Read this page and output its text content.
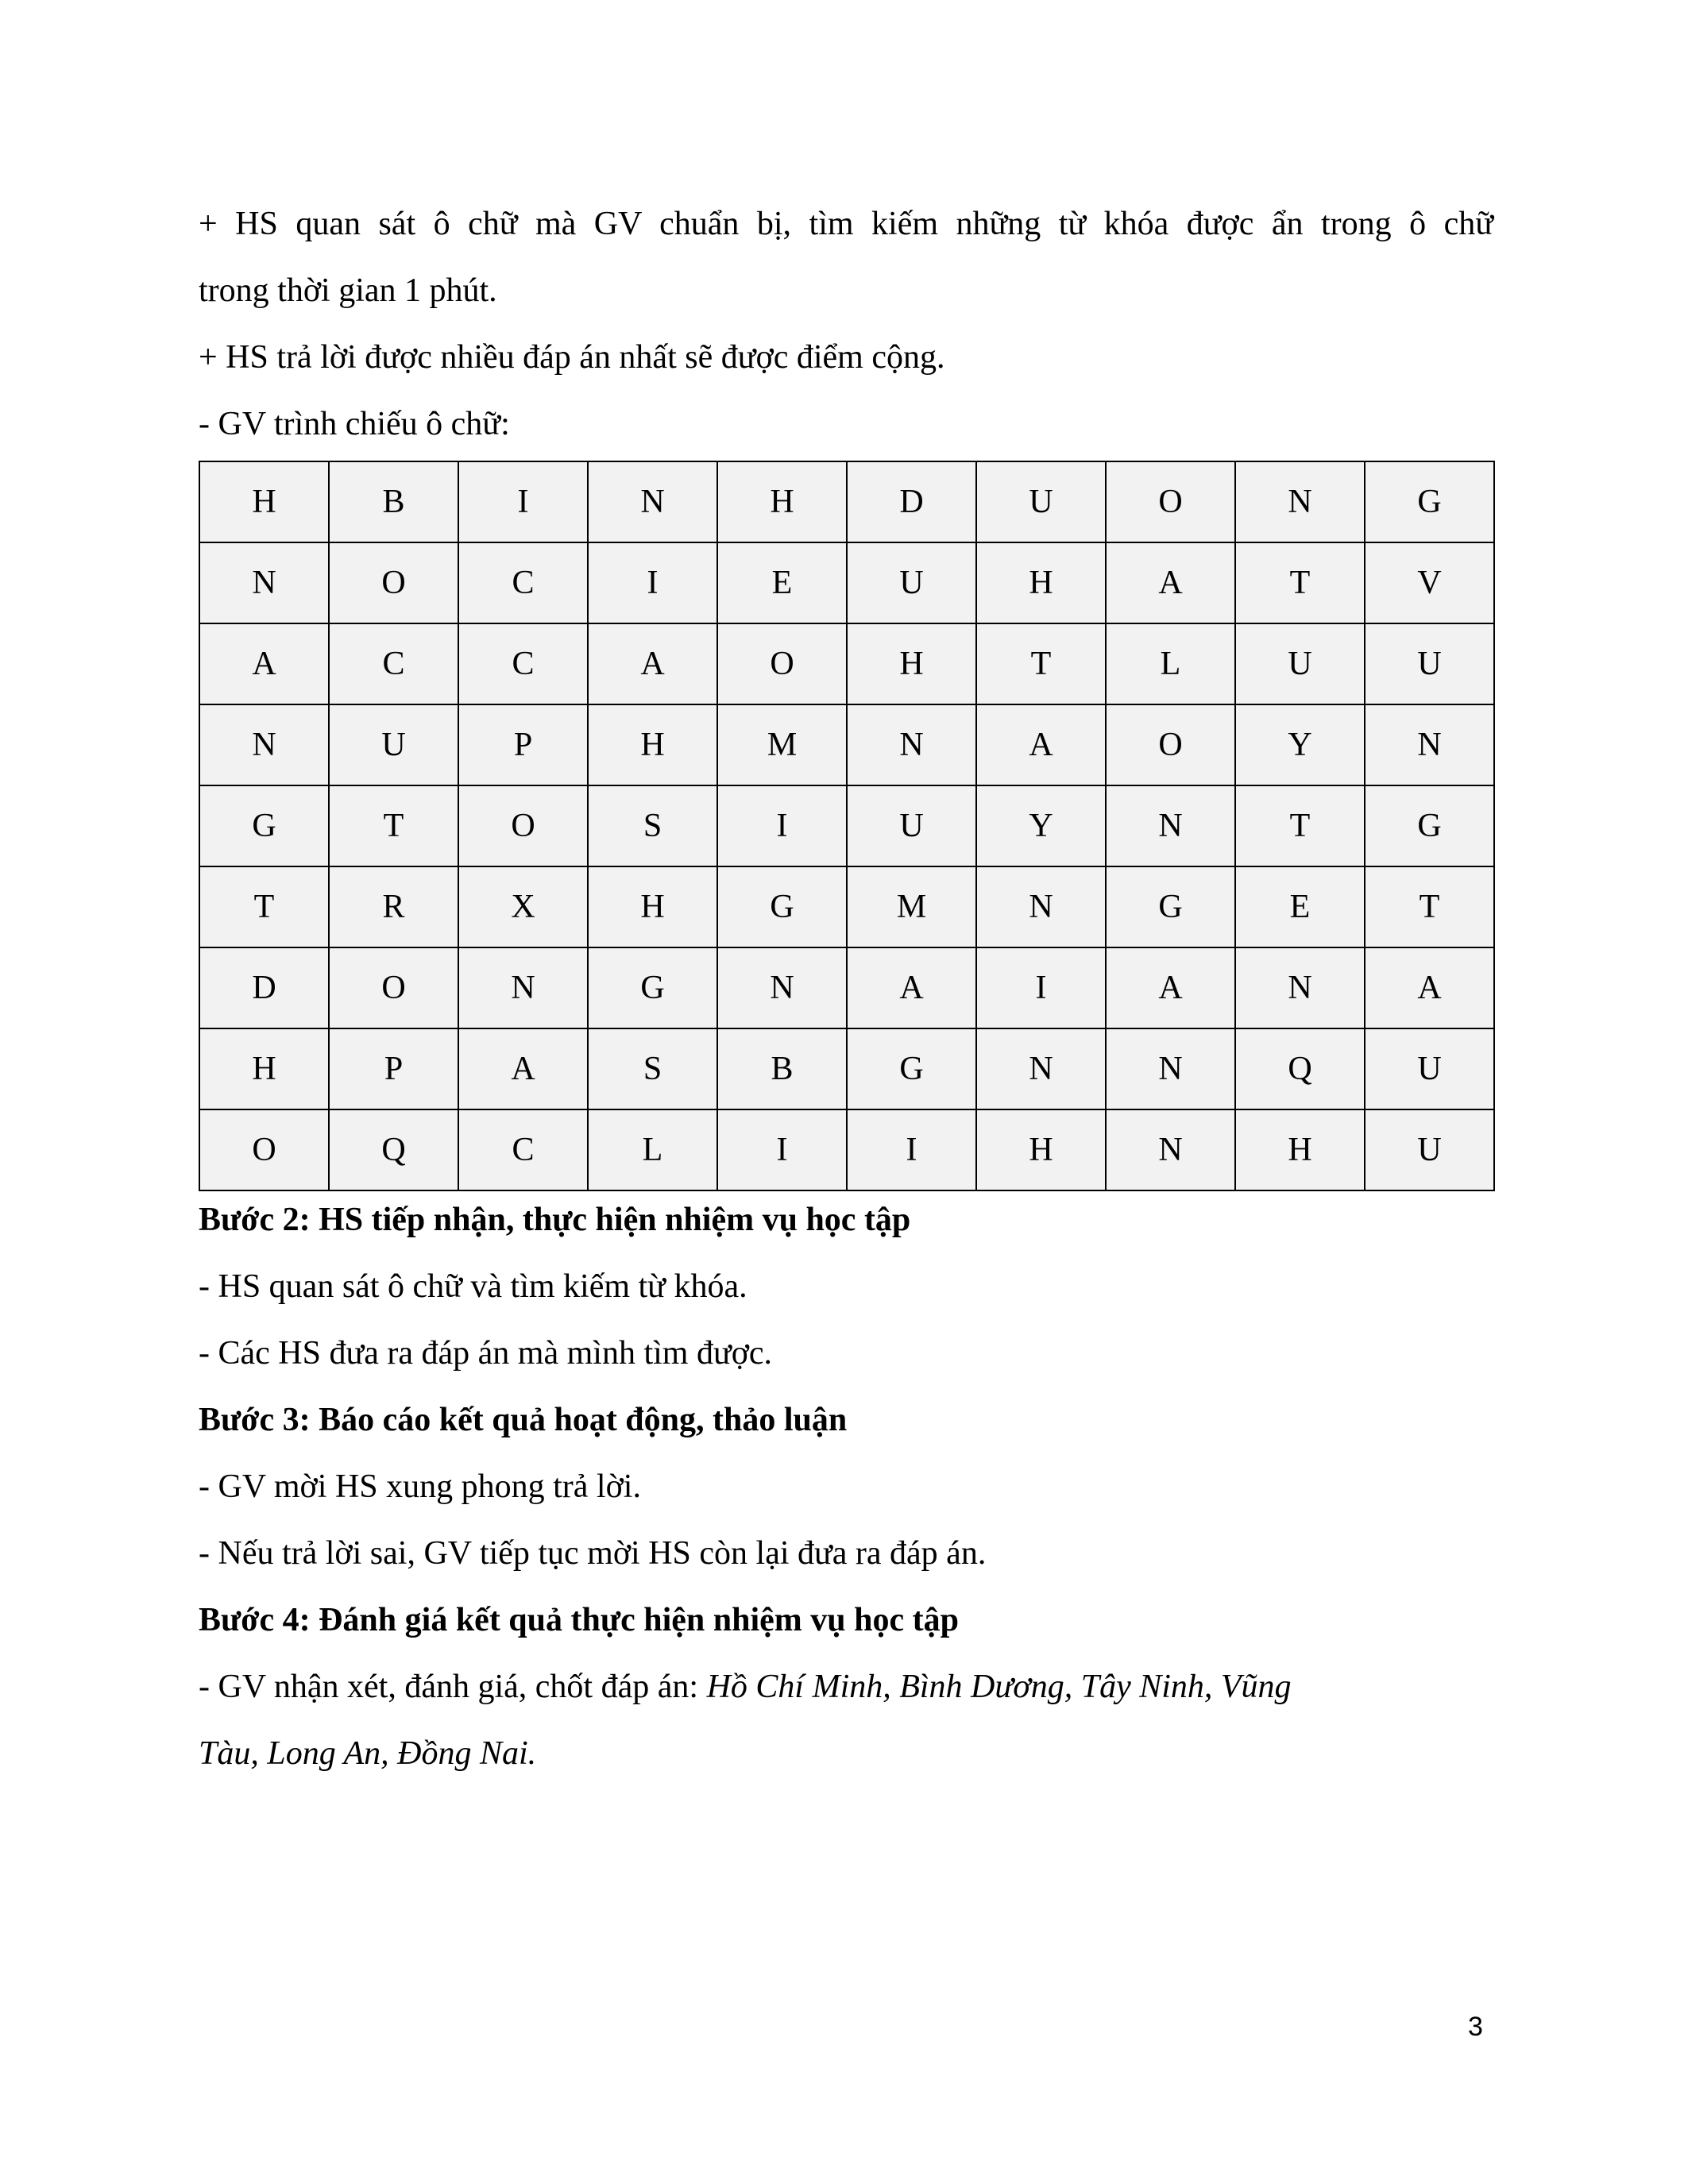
+ HS quan sát ô chữ mà GV chuẩn bị, tìm kiếm những từ khóa được ẩn trong ô chữ

trong thời gian 1 phút.

+ HS trả lời được nhiều đáp án nhất sẽ được điểm cộng.

- GV trình chiếu ô chữ:

H	B	I	N	H	D	U	O	N	G
N	O	C	I	E	U	H	A	T	V
A	C	C	A	O	H	T	L	U	U
N	U	P	H	M	N	A	O	Y	N
G	T	O	S	I	U	Y	N	T	G
T	R	X	H	G	M	N	G	E	T
D	O	N	G	N	A	I	A	N	A
H	P	A	S	B	G	N	N	Q	U
O	Q	C	L	I	I	H	N	H	U

Bước 2: HS tiếp nhận, thực hiện nhiệm vụ học tập

- HS quan sát ô chữ và tìm kiếm từ khóa.

- Các HS đưa ra đáp án mà mình tìm được.

Bước 3: Báo cáo kết quả hoạt động, thảo luận

- GV mời HS xung phong trả lời.

- Nếu trả lời sai, GV tiếp tục mời HS còn lại đưa ra đáp án.

Bước 4: Đánh giá kết quả thực hiện nhiệm vụ học tập

- GV nhận xét, đánh giá, chốt đáp án: Hồ Chí Minh, Bình Dương, Tây Ninh, Vũng

Tàu, Long An, Đồng Nai.

3
